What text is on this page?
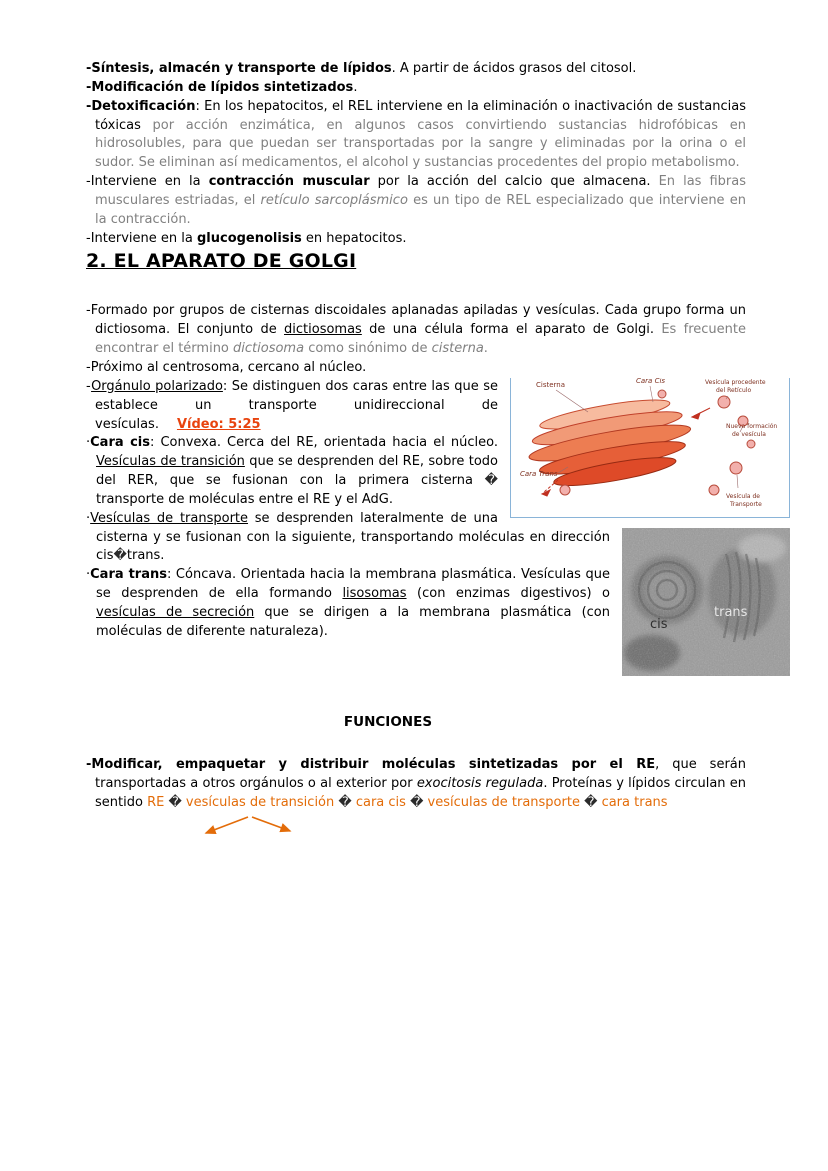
-Síntesis, almacén y transporte de lípidos. A partir de ácidos grasos del citosol.

-Modificación de lípidos sintetizados.

-Detoxificación: En los hepatocitos, el REL interviene en la eliminación o inactivación de sustancias tóxicas por acción enzimática, en algunos casos convirtiendo sustancias hidrofóbicas en hidrosolubles, para que puedan ser transportadas por la sangre y eliminadas por la orina o el sudor. Se eliminan así medicamentos, el alcohol y sustancias procedentes del propio metabolismo.

-Interviene en la contracción muscular por la acción del calcio que almacena. En las fibras musculares estriadas, el retículo sarcoplásmico es un tipo de REL especializado que interviene en la contracción.

-Interviene en la glucogenolisis en hepatocitos.

2. EL APARATO DE GOLGI

-Formado por grupos de cisternas discoidales aplanadas apiladas y vesículas. Cada grupo forma un dictiosoma. El conjunto de dictiosomas de una célula forma el aparato de Golgi. Es frecuente encontrar el término dictiosoma como sinónimo de cisterna.

-Próximo al centrosoma, cercano al núcleo.

Cisterna	Cara Cis	Vesícula procedente
del Retículo
Nueva formación
de vesícula
Cara Trans
Vesícula de
Transporte
cis
trans

-Orgánulo polarizado: Se distinguen dos caras entre las que se establece un transporte unidireccional de vesículas. Vídeo: 5:25

·Cara cis: Convexa. Cerca del RE, orientada hacia el núcleo. Vesículas de transición que se desprenden del RE, sobre todo del RER, que se fusionan con la primera cisterna � transporte de moléculas entre el RE y el AdG.

·Vesículas de transporte se desprenden lateralmente de una cisterna y se fusionan con la siguiente, transportando moléculas en dirección cis�trans.

·Cara trans: Cóncava. Orientada hacia la membrana plasmática. Vesículas que se desprenden de ella formando lisosomas (con enzimas digestivos) o vesículas de secreción que se dirigen a la membrana plasmática (con moléculas de diferente naturaleza).

FUNCIONES

-Modificar, empaquetar y distribuir moléculas sintetizadas por el RE, que serán transportadas a otros orgánulos o al exterior por exocitosis regulada. Proteínas y lípidos circulan en sentido RE � vesículas de transición � cara cis � vesículas de transporte � cara trans
